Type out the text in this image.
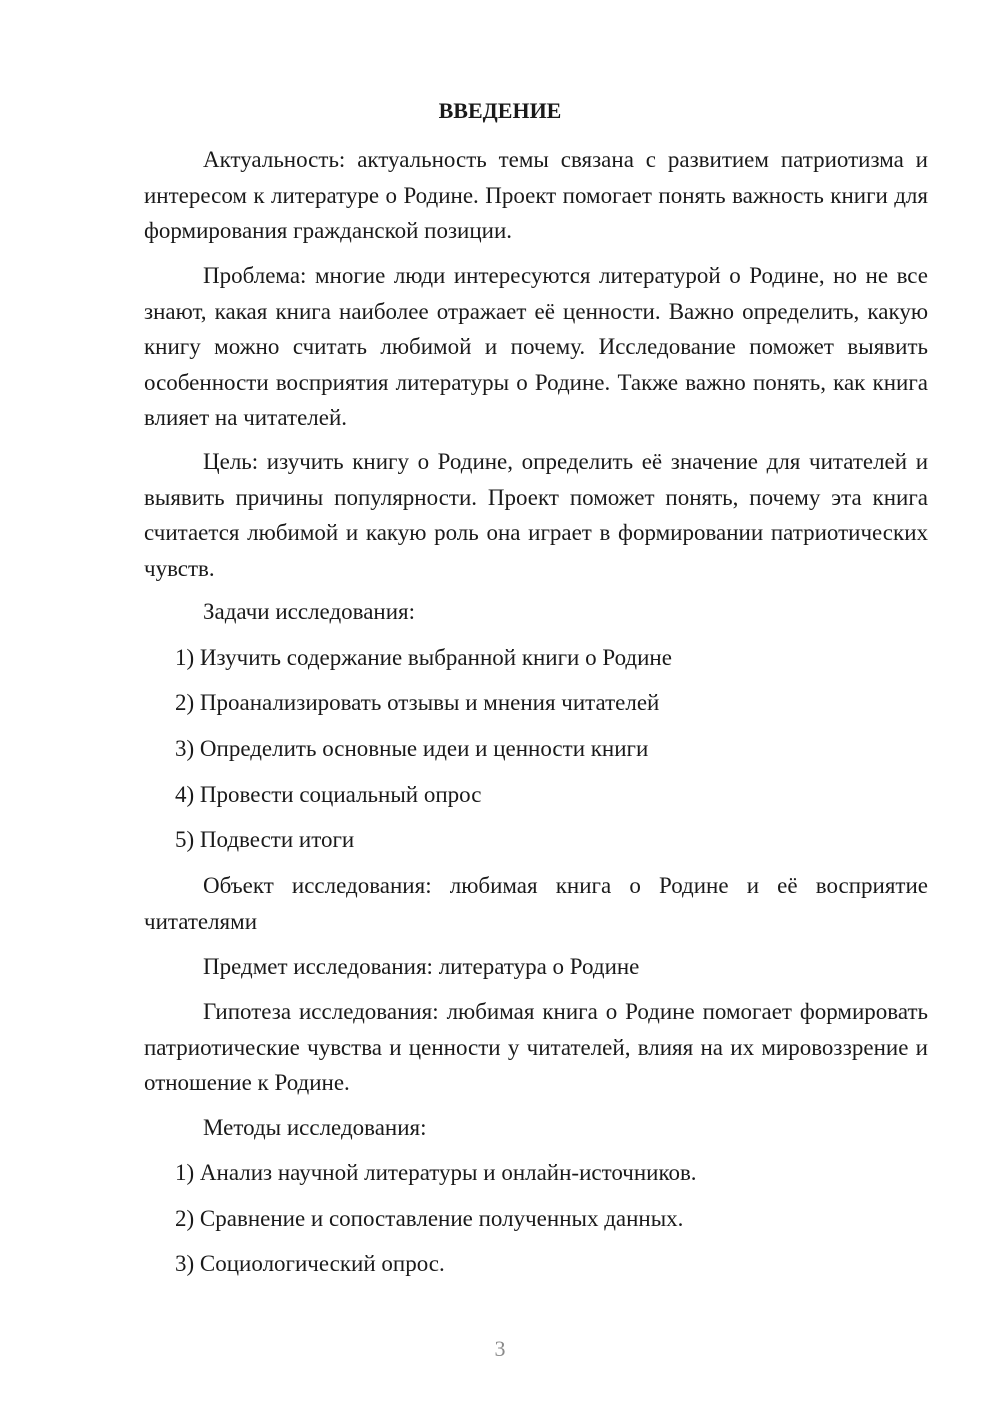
ВВЕДЕНИЕ

Актуальность: актуальность темы связана с развитием патриотизма и интересом к литературе о Родине. Проект помогает понять важность книги для формирования гражданской позиции.

Проблема: многие люди интересуются литературой о Родине, но не все знают, какая книга наиболее отражает её ценности. Важно определить, какую книгу можно считать любимой и почему. Исследование поможет выявить особенности восприятия литературы о Родине. Также важно понять, как книга влияет на читателей.

Цель: изучить книгу о Родине, определить её значение для читателей и выявить причины популярности. Проект поможет понять, почему эта книга считается любимой и какую роль она играет в формировании патриотических чувств.

Задачи исследования:
1) Изучить содержание выбранной книги о Родине
2) Проанализировать отзывы и мнения читателей
3) Определить основные идеи и ценности книги
4) Провести социальный опрос
5) Подвести итоги

Объект исследования: любимая книга о Родине и её восприятие читателями

Предмет исследования: литература о Родине

Гипотеза исследования: любимая книга о Родине помогает формировать патриотические чувства и ценности у читателей, влияя на их мировоззрение и отношение к Родине.

Методы исследования:
1) Анализ научной литературы и онлайн-источников.
2) Сравнение и сопоставление полученных данных.
3) Социологический опрос.
3
